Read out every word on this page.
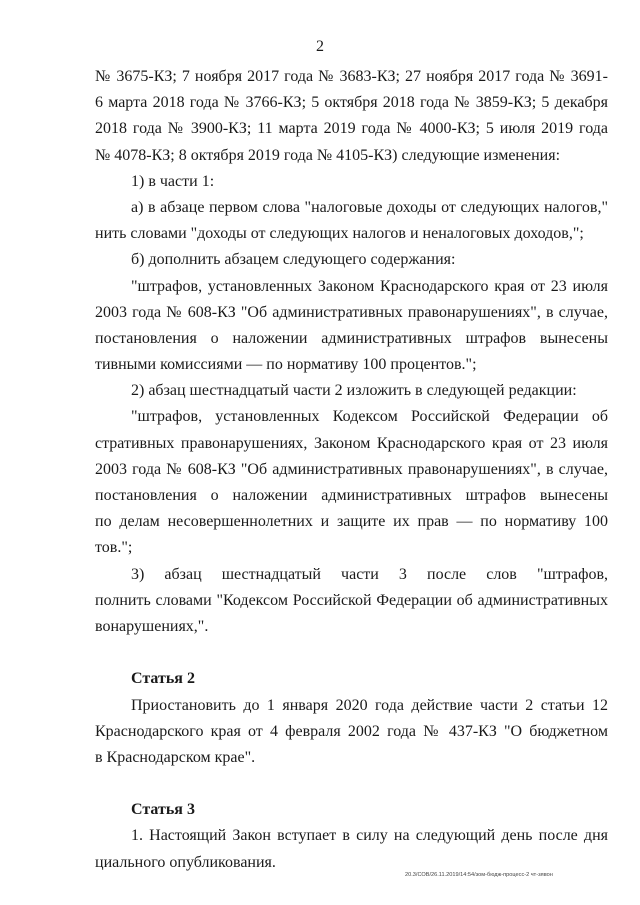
2
№ 3675-КЗ; 7 ноября 2017 года № 3683-КЗ; 27 ноября 2017 года № 3691-
6 марта 2018 года № 3766-КЗ; 5 октября 2018 года № 3859-КЗ; 5 декабря
2018 года № 3900-КЗ; 11 марта 2019 года № 4000-КЗ; 5 июля 2019 года
№ 4078-КЗ; 8 октября 2019 года № 4105-КЗ) следующие изменения:
1) в части 1:
а) в абзаце первом слова "налоговые доходы от следующих налогов,"
нить словами "доходы от следующих налогов и неналоговых доходов,";
б) дополнить абзацем следующего содержания:
"штрафов, установленных Законом Краснодарского края от 23 июля
2003 года № 608-КЗ "Об административных правонарушениях", в случае,
постановления о наложении административных штрафов вынесены
тивными комиссиями — по нормативу 100 процентов.";
2) абзац шестнадцатый части 2 изложить в следующей редакции:
"штрафов, установленных Кодексом Российской Федерации об
стративных правонарушениях, Законом Краснодарского края от 23 июля
2003 года № 608-КЗ "Об административных правонарушениях", в случае,
постановления о наложении административных штрафов вынесены
по делам несовершеннолетних и защите их прав — по нормативу 100
тов.";
3) абзац шестнадцатый части 3 после слов "штрафов,
полнить словами "Кодексом Российской Федерации об административных
вонарушениях,".
Статья 2
Приостановить до 1 января 2020 года действие части 2 статьи 12
Краснодарского края от 4 февраля 2002 года № 437-КЗ "О бюджетном
в Краснодарском крае".
Статья 3
1. Настоящий Закон вступает в силу на следующий день после дня
циального опубликования.
20.3/СОВ/26.11.2019/14:54/зом-бюдж-процесс-2 чт-зявон
